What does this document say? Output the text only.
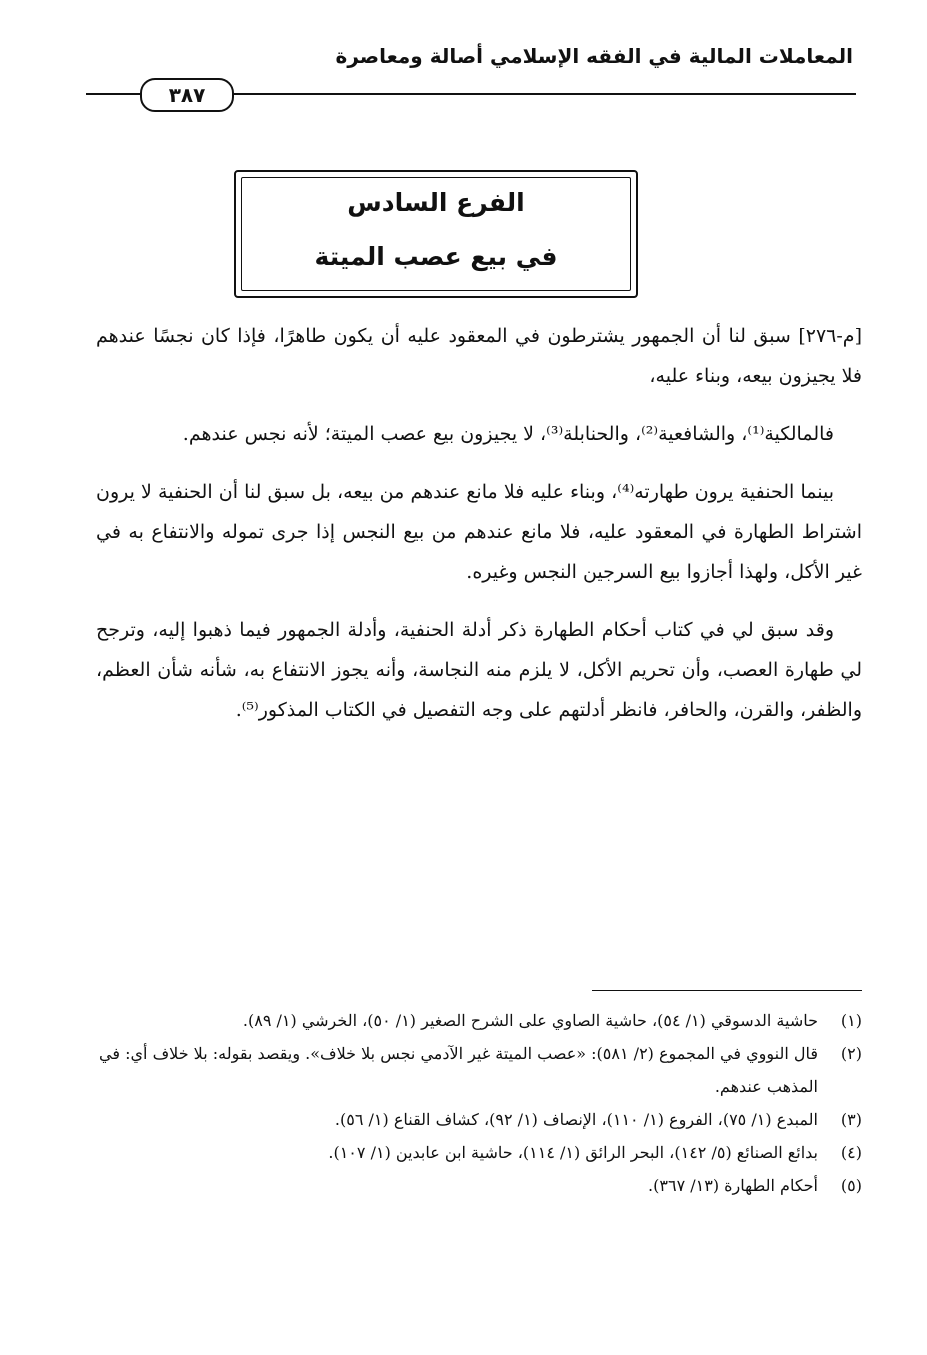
المعاملات المالية في الفقه الإسلامي أصالة ومعاصرة
٣٨٧
الفرع السادس
في بيع عصب الميتة

[م-٢٧٦] سبق لنا أن الجمهور يشترطون في المعقود عليه أن يكون طاهرًا، فإذا كان نجسًا عندهم فلا يجيزون بيعه، وبناء عليه،

فالمالكية⁽¹⁾، والشافعية⁽²⁾، والحنابلة⁽³⁾، لا يجيزون بيع عصب الميتة؛ لأنه نجس عندهم.

بينما الحنفية يرون طهارته⁽⁴⁾، وبناء عليه فلا مانع عندهم من بيعه، بل سبق لنا أن الحنفية لا يرون اشتراط الطهارة في المعقود عليه، فلا مانع عندهم من بيع النجس إذا جرى تموله والانتفاع به في غير الأكل، ولهذا أجازوا بيع السرجين النجس وغيره.

وقد سبق لي في كتاب أحكام الطهارة ذكر أدلة الحنفية، وأدلة الجمهور فيما ذهبوا إليه، وترجح لي طهارة العصب، وأن تحريم الأكل، لا يلزم منه النجاسة، وأنه يجوز الانتفاع به، شأنه شأن العظم، والظفر، والقرن، والحافر، فانظر أدلتهم على وجه التفصيل في الكتاب المذكور⁽⁵⁾.

(١)
حاشية الدسوقي (١/ ٥٤)، حاشية الصاوي على الشرح الصغير (١/ ٥٠)، الخرشي (١/ ٨٩).
(٢)
قال النووي في المجموع (٢/ ٥٨١): «عصب الميتة غير الآدمي نجس بلا خلاف». ويقصد بقوله: بلا خلاف أي: في المذهب عندهم.
(٣)
المبدع (١/ ٧٥)، الفروع (١/ ١١٠)، الإنصاف (١/ ٩٢)، كشاف القناع (١/ ٥٦).
(٤)
بدائع الصنائع (٥/ ١٤٢)، البحر الرائق (١/ ١١٤)، حاشية ابن عابدين (١/ ١٠٧).
(٥)
أحكام الطهارة (١٣/ ٣٦٧).
